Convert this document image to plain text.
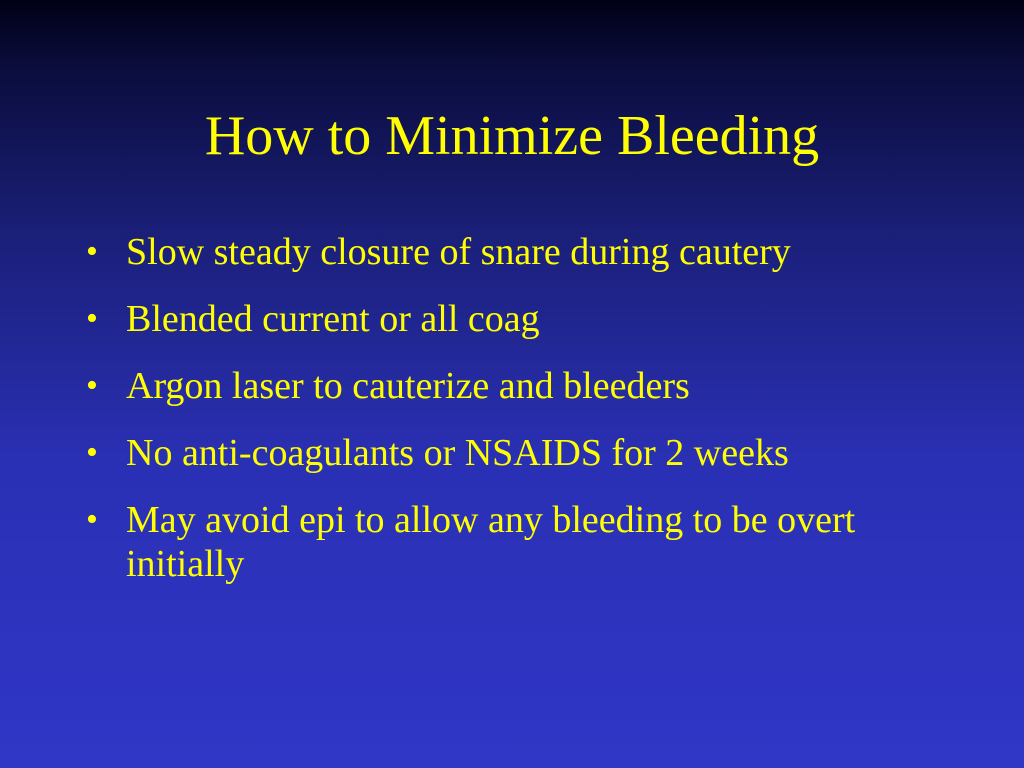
How to Minimize Bleeding
• Slow steady closure of snare during cautery
• Blended current or all coag
• Argon laser to cauterize and bleeders
• No anti-coagulants or NSAIDS for 2 weeks
• May avoid epi to allow any bleeding to be overt initially
